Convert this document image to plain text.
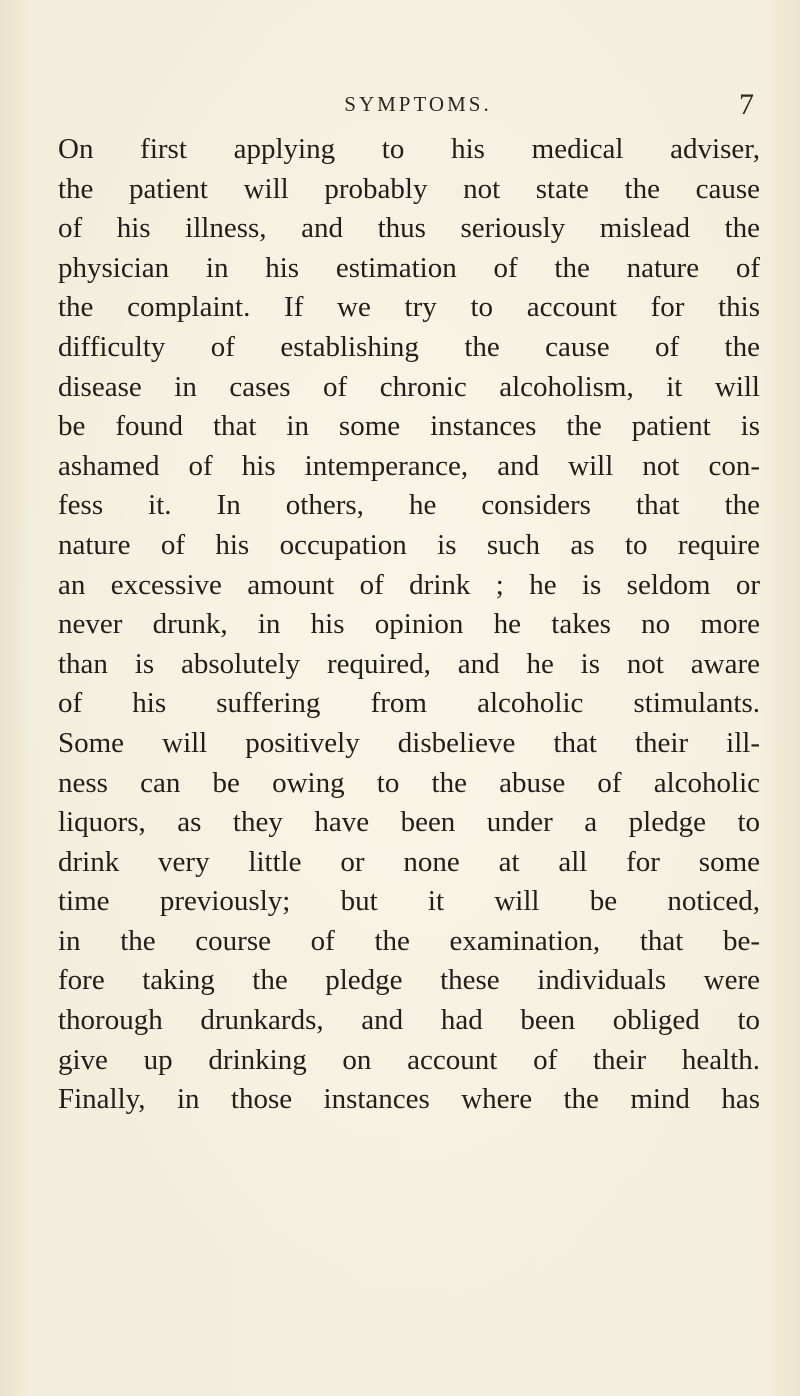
SYMPTOMS.	7
On first applying to his medical adviser,
the patient will probably not state the cause
of his illness, and thus seriously mislead the
physician in his estimation of the nature of
the complaint. If we try to account for this
difficulty of establishing the cause of the
disease in cases of chronic alcoholism, it will
be found that in some instances the patient is
ashamed of his intemperance, and will not con-
fess it. In others, he considers that the
nature of his occupation is such as to require
an excessive amount of drink ; he is seldom or
never drunk, in his opinion he takes no more
than is absolutely required, and he is not aware
of his suffering from alcoholic stimulants.
Some will positively disbelieve that their ill-
ness can be owing to the abuse of alcoholic
liquors, as they have been under a pledge to
drink very little or none at all for some
time previously; but it will be noticed,
in the course of the examination, that be-
fore taking the pledge these individuals were
thorough drunkards, and had been obliged to
give up drinking on account of their health.
Finally, in those instances where the mind has
